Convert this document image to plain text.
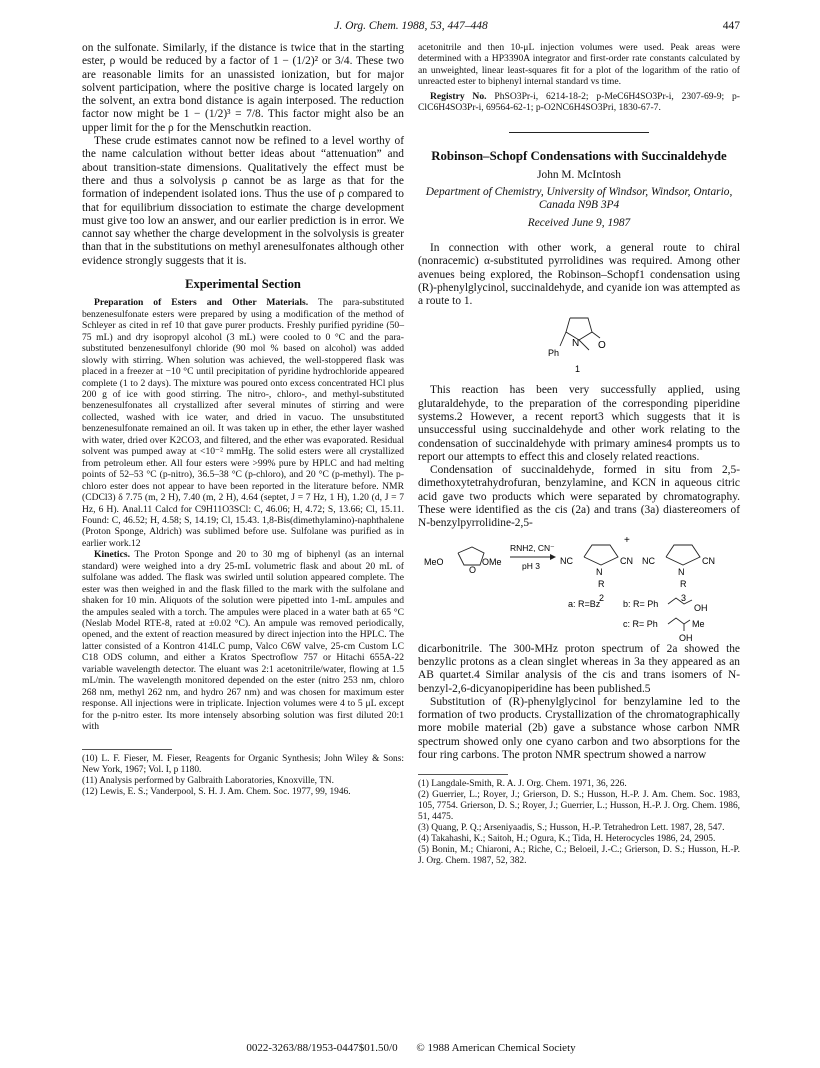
J. Org. Chem. 1988, 53, 447–448	447

on the sulfonate. Similarly, if the distance is twice that in the starting ester, ρ would be reduced by a factor of 1 − (1/2)² or 3/4. These two are reasonable limits for an unassisted ionization, but for major solvent participation, where the positive charge is located largely on the solvent, an extra bond distance is again interposed. The reduction factor now might be 1 − (1/2)³ = 7/8. This factor might also be an upper limit for the ρ for the Menschutkin reaction.

These crude estimates cannot now be refined to a level worthy of the name calculation without better ideas about “attenuation” and about transition-state dimensions. Qualitatively the effect must be there and thus a solvolysis ρ cannot be as large as that for the formation of independent isolated ions. Thus the use of ρ compared to that for equilibrium dissociation to estimate the charge development must give too low an answer, and our earlier prediction is in error. We cannot say whether the charge development in the solvolysis is greater than that in the substitutions on methyl arenesulfonates although other evidence strongly suggests that it is.

Experimental Section

Preparation of Esters and Other Materials. The para-substituted benzenesulfonate esters were prepared by using a modification of the method of Schleyer as cited in ref 10 that gave purer products. Freshly purified pyridine (50–75 mL) and dry isopropyl alcohol (3 mL) were cooled to 0 °C and the para-substituted benzenesulfonyl chloride (90 mol % based on alcohol) was added slowly with stirring. When solution was achieved, the well-stoppered flask was placed in a freezer at −10 °C until precipitation of pyridine hydrochloride appeared complete (1 to 2 days). The mixture was poured onto excess concentrated HCl plus 200 g of ice with good stirring. The nitro-, chloro-, and methyl-substituted benzenesulfonates all crystallized after several minutes of stirring and were collected, washed with ice water, and dried in vacuo. The unsubstituted benzenesulfonate remained an oil. It was taken up in ether, the ether layer washed with water, dried over K2CO3, and filtered, and the ether was evaporated. Residual solvent was pumped away at <10⁻² mmHg. The solid esters were all crystallized from petroleum ether. All four esters were >99% pure by HPLC and had melting points of 52–53 °C (p-nitro), 36.5–38 °C (p-chloro), and 20 °C (p-methyl). The p-chloro ester does not appear to have been reported in the literature before. NMR (CDCl3) δ 7.75 (m, 2 H), 7.40 (m, 2 H), 4.64 (septet, J = 7 Hz, 1 H), 1.20 (d, J = 7 Hz, 6 H). Anal.11 Calcd for C9H11O3SCl: C, 46.06; H, 4.72; S, 13.66; Cl, 15.11. Found: C, 46.52; H, 4.58; S, 14.19; Cl, 15.43. 1,8-Bis(dimethylamino)-naphthalene (Proton Sponge, Aldrich) was sublimed before use. Sulfolane was purified as in earlier work.12

Kinetics. The Proton Sponge and 20 to 30 mg of biphenyl (as an internal standard) were weighed into a dry 25-mL volumetric flask and about 20 mL of sulfolane was added. The flask was swirled until solution appeared complete. The ester was then weighed in and the flask filled to the mark with the sulfolane and shaken for 10 min. Aliquots of the solution were pipetted into 1-mL ampules and the ampules sealed with a torch. The ampules were placed in a water bath at 65 °C (Neslab Model RTE-8, rated at ±0.02 °C). An ampule was removed periodically, opened, and the extent of reaction measured by direct injection into the HPLC. The latter consisted of a Kontron 414LC pump, Valco C6W valve, 25-cm Custom LC C18 ODS column, and either a Kratos Spectroflow 757 or Hitachi 655A-22 variable wavelength detector. The eluant was 2:1 acetonitrile/water, flowing at 1.5 mL/min. The wavelength monitored depended on the ester (nitro 253 nm, chloro 268 nm, methyl 262 nm, and hydro 267 nm) and was chosen for maximum ester response. All injections were in triplicate. Injection volumes were 4 to 5 μL except for the p-nitro ester. Its more intensely absorbing solution was first diluted 20:1 with

(10) L. F. Fieser, M. Fieser, Reagents for Organic Synthesis; John Wiley & Sons: New York, 1967; Vol. I, p 1180.

(11) Analysis performed by Galbraith Laboratories, Knoxville, TN.

(12) Lewis, E. S.; Vanderpool, S. H. J. Am. Chem. Soc. 1977, 99, 1946.

acetonitrile and then 10-μL injection volumes were used. Peak areas were determined with a HP3390A integrator and first-order rate constants calculated by an unweighted, linear least-squares fit for a plot of the logarithm of the ratio of unreacted ester to biphenyl internal standard vs time.

Registry No. PhSO3Pr-i, 6214-18-2; p-MeC6H4SO3Pr-i, 2307-69-9; p-ClC6H4SO3Pr-i, 69564-62-1; p-O2NC6H4SO3Pri, 1830-67-7.

Robinson–Schopf Condensations with Succinaldehyde
John M. McIntosh
Department of Chemistry, University of Windsor, Windsor, Ontario, Canada N9B 3P4
Received June 9, 1987

In connection with other work, a general route to chiral (nonracemic) α-substituted pyrrolidines was required. Among other avenues being explored, the Robinson–Schopf1 condensation using (R)-phenylglycinol, succinaldehyde, and cyanide ion was attempted as a route to 1.

N O
Ph
1

This reaction has been very successfully applied, using glutaraldehyde, to the preparation of the corresponding piperidine systems.2 However, a recent report3 which suggests that it is unsuccessful using succinaldehyde and other work relating to the condensation of succinaldehyde with primary amines4 prompts us to report our attempts to effect this and closely related reactions.

Condensation of succinaldehyde, formed in situ from 2,5-dimethoxytetrahydrofuran, benzylamine, and KCN in aqueous citric acid gave two products which were separated by chromatography. These were identified as the cis (2a) and trans (3a) diastereomers of N-benzylpyrrolidine-2,5-

MeO
O
OMe
RNH2, CN⁻
pH 3 NC
N
CN
R
2
+
NC
N
CN
R
3
a: R=Bz	b: R= Ph	OH
c: R= Ph	Me
OH

dicarbonitrile. The 300-MHz proton spectrum of 2a showed the benzylic protons as a clean singlet whereas in 3a they appeared as an AB quartet.4 Similar analysis of the cis and trans isomers of N-benzyl-2,6-dicyanopiperidine has been published.5

Substitution of (R)-phenylglycinol for benzylamine led to the formation of two products. Crystallization of the chromatographically more mobile material (2b) gave a substance whose carbon NMR spectrum showed only one cyano carbon and two absorptions for the four ring carbons. The proton NMR spectrum showed a narrow

(1) Langdale-Smith, R. A. J. Org. Chem. 1971, 36, 226.

(2) Guerrier, L.; Royer, J.; Grierson, D. S.; Husson, H.-P. J. Am. Chem. Soc. 1983, 105, 7754. Grierson, D. S.; Royer, J.; Guerrier, L.; Husson, H.-P. J. Org. Chem. 1986, 51, 4475.

(3) Quang, P. Q.; Arseniyaadis, S.; Husson, H.-P. Tetrahedron Lett. 1987, 28, 547.

(4) Takahashi, K.; Saitoh, H.; Ogura, K.; Tida, H. Heterocycles 1986, 24, 2905.

(5) Bonin, M.; Chiaroni, A.; Riche, C.; Beloeil, J.-C.; Grierson, D. S.; Husson, H.-P. J. Org. Chem. 1987, 52, 382.

0022-3263/88/1953-0447$01.50/0 © 1988 American Chemical Society
